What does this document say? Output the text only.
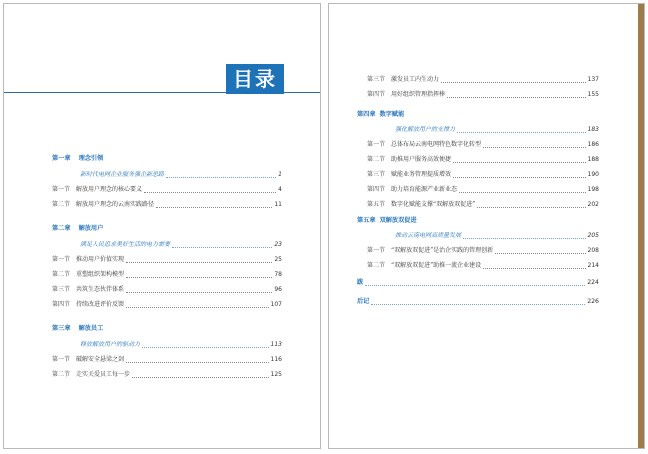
目录
第一章 理念引领
新时代电网企业服务强企新思路	1
第一节 解放用户理念的核心要义	4
第二节 解放用户理念的云南实践路径	11
第二章 解放用户
满足人民追求美好生活的电力需要	23
第一节 推动用户价值实现	25
第二节 重塑组织架构模型	78
第三节 共筑生态伙伴体系	96
第四节 持续改进评价反馈	107
第三章 解放员工
释放解放用户的驱动力	113
第一节 破解安全悬梁之剑	116
第二节 走实关爱员工每一步	125
第三节 激发员工内生动力	137
第四节 用好组织管理指挥棒	155
第四章 数字赋能
强化解放用户的支撑力	183
第一节 总体布局云南电网特色数字化转型	186
第二节 助推用户服务高效便捷	188
第三节 赋能业务管理提质增效	190
第四节 助力培育能源产业新业态	198
第五节 数字化赋能支撑“双解放双促进”	202
第五章 双解放双促进
推动云南电网高质量发展	205
第一节 “双解放双促进”是治企实践的管理创新	208
第二节 “双解放双促进”助推一流企业建设	214
跋	224
后记	226
